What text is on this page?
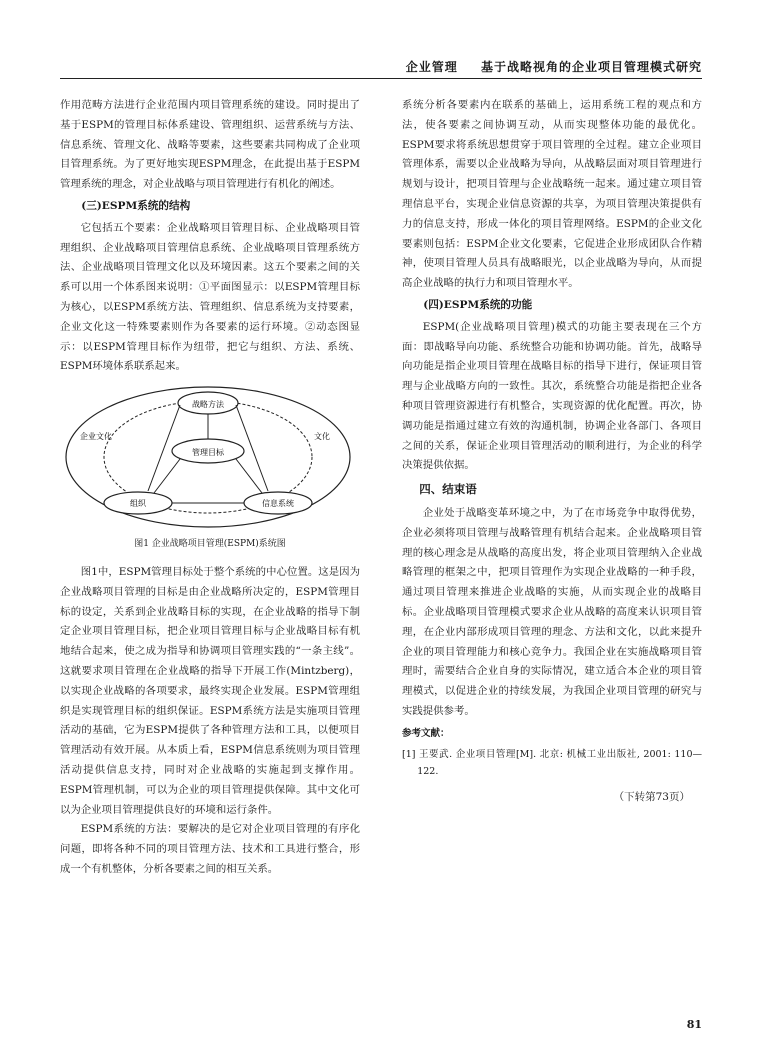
企业管理 基于战略视角的企业项目管理模式研究

作用范畴方法进行企业范围内项目管理系统的建设。同时提出了基于ESPM的管理目标体系建设、管理组织、运营系统与方法、信息系统、管理文化、战略等要素，这些要素共同构成了企业项目管理系统。为了更好地实现ESPM理念，在此提出基于ESPM管理系统的理念，对企业战略与项目管理进行有机化的阐述。

(三)ESPM系统的结构

它包括五个要素：企业战略项目管理目标、企业战略项目管理组织、企业战略项目管理信息系统、企业战略项目管理系统方法、企业战略项目管理文化以及环境因素。这五个要素之间的关系可以用一个体系图来说明：①平面图显示：以ESPM管理目标为核心，以ESPM系统方法、管理组织、信息系统为支持要素，企业文化这一特殊要素则作为各要素的运行环境。②动态图显示：以ESPM管理目标作为纽带，把它与组织、方法、系统、ESPM环境体系联系起来。

战略方法
管理目标
组织	信息系统
企业文化	文化
图1 企业战略项目管理(ESPM)系统图

图1中，ESPM管理目标处于整个系统的中心位置。这是因为企业战略项目管理的目标是由企业战略所决定的，ESPM管理目标的设定，关系到企业战略目标的实现，在企业战略的指导下制定企业项目管理目标，把企业项目管理目标与企业战略目标有机地结合起来，使之成为指导和协调项目管理实践的“一条主线”。这就要求项目管理在企业战略的指导下开展工作(Mintzberg)，以实现企业战略的各项要求，最终实现企业发展。ESPM管理组织是实现管理目标的组织保证。ESPM系统方法是实施项目管理活动的基础，它为ESPM提供了各种管理方法和工具，以便项目管理活动有效开展。从本质上看，ESPM信息系统则为项目管理活动提供信息支持，同时对企业战略的实施起到支撑作用。ESPM管理机制，可以为企业的项目管理提供保障。其中文化可以为企业项目管理提供良好的环境和运行条件。

ESPM系统的方法：要解决的是它对企业项目管理的有序化问题，即将各种不同的项目管理方法、技术和工具进行整合，形成一个有机整体，分析各要素之间的相互关系。

系统分析各要素内在联系的基础上，运用系统工程的观点和方法，使各要素之间协调互动，从而实现整体功能的最优化。ESPM要求将系统思想贯穿于项目管理的全过程。建立企业项目管理体系，需要以企业战略为导向，从战略层面对项目管理进行规划与设计，把项目管理与企业战略统一起来。通过建立项目管理信息平台，实现企业信息资源的共享，为项目管理决策提供有力的信息支持，形成一体化的项目管理网络。ESPM的企业文化要素则包括：ESPM企业文化要素，它促进企业形成团队合作精神，使项目管理人员具有战略眼光，以企业战略为导向，从而提高企业战略的执行力和项目管理水平。

(四)ESPM系统的功能

ESPM(企业战略项目管理)模式的功能主要表现在三个方面：即战略导向功能、系统整合功能和协调功能。首先，战略导向功能是指企业项目管理在战略目标的指导下进行，保证项目管理与企业战略方向的一致性。其次，系统整合功能是指把企业各种项目管理资源进行有机整合，实现资源的优化配置。再次，协调功能是指通过建立有效的沟通机制，协调企业各部门、各项目之间的关系，保证企业项目管理活动的顺利进行，为企业的科学决策提供依据。

四、结束语

企业处于战略变革环境之中，为了在市场竞争中取得优势，企业必须将项目管理与战略管理有机结合起来。企业战略项目管理的核心理念是从战略的高度出发，将企业项目管理纳入企业战略管理的框架之中，把项目管理作为实现企业战略的一种手段，通过项目管理来推进企业战略的实施，从而实现企业的战略目标。企业战略项目管理模式要求企业从战略的高度来认识项目管理，在企业内部形成项目管理的理念、方法和文化，以此来提升企业的项目管理能力和核心竞争力。我国企业在实施战略项目管理时，需要结合企业自身的实际情况，建立适合本企业的项目管理模式，以促进企业的持续发展，为我国企业项目管理的研究与实践提供参考。

参考文献：
[1] 王要武. 企业项目管理[M]. 北京: 机械工业出版社, 2001: 110—122.
（下转第73页）
81
